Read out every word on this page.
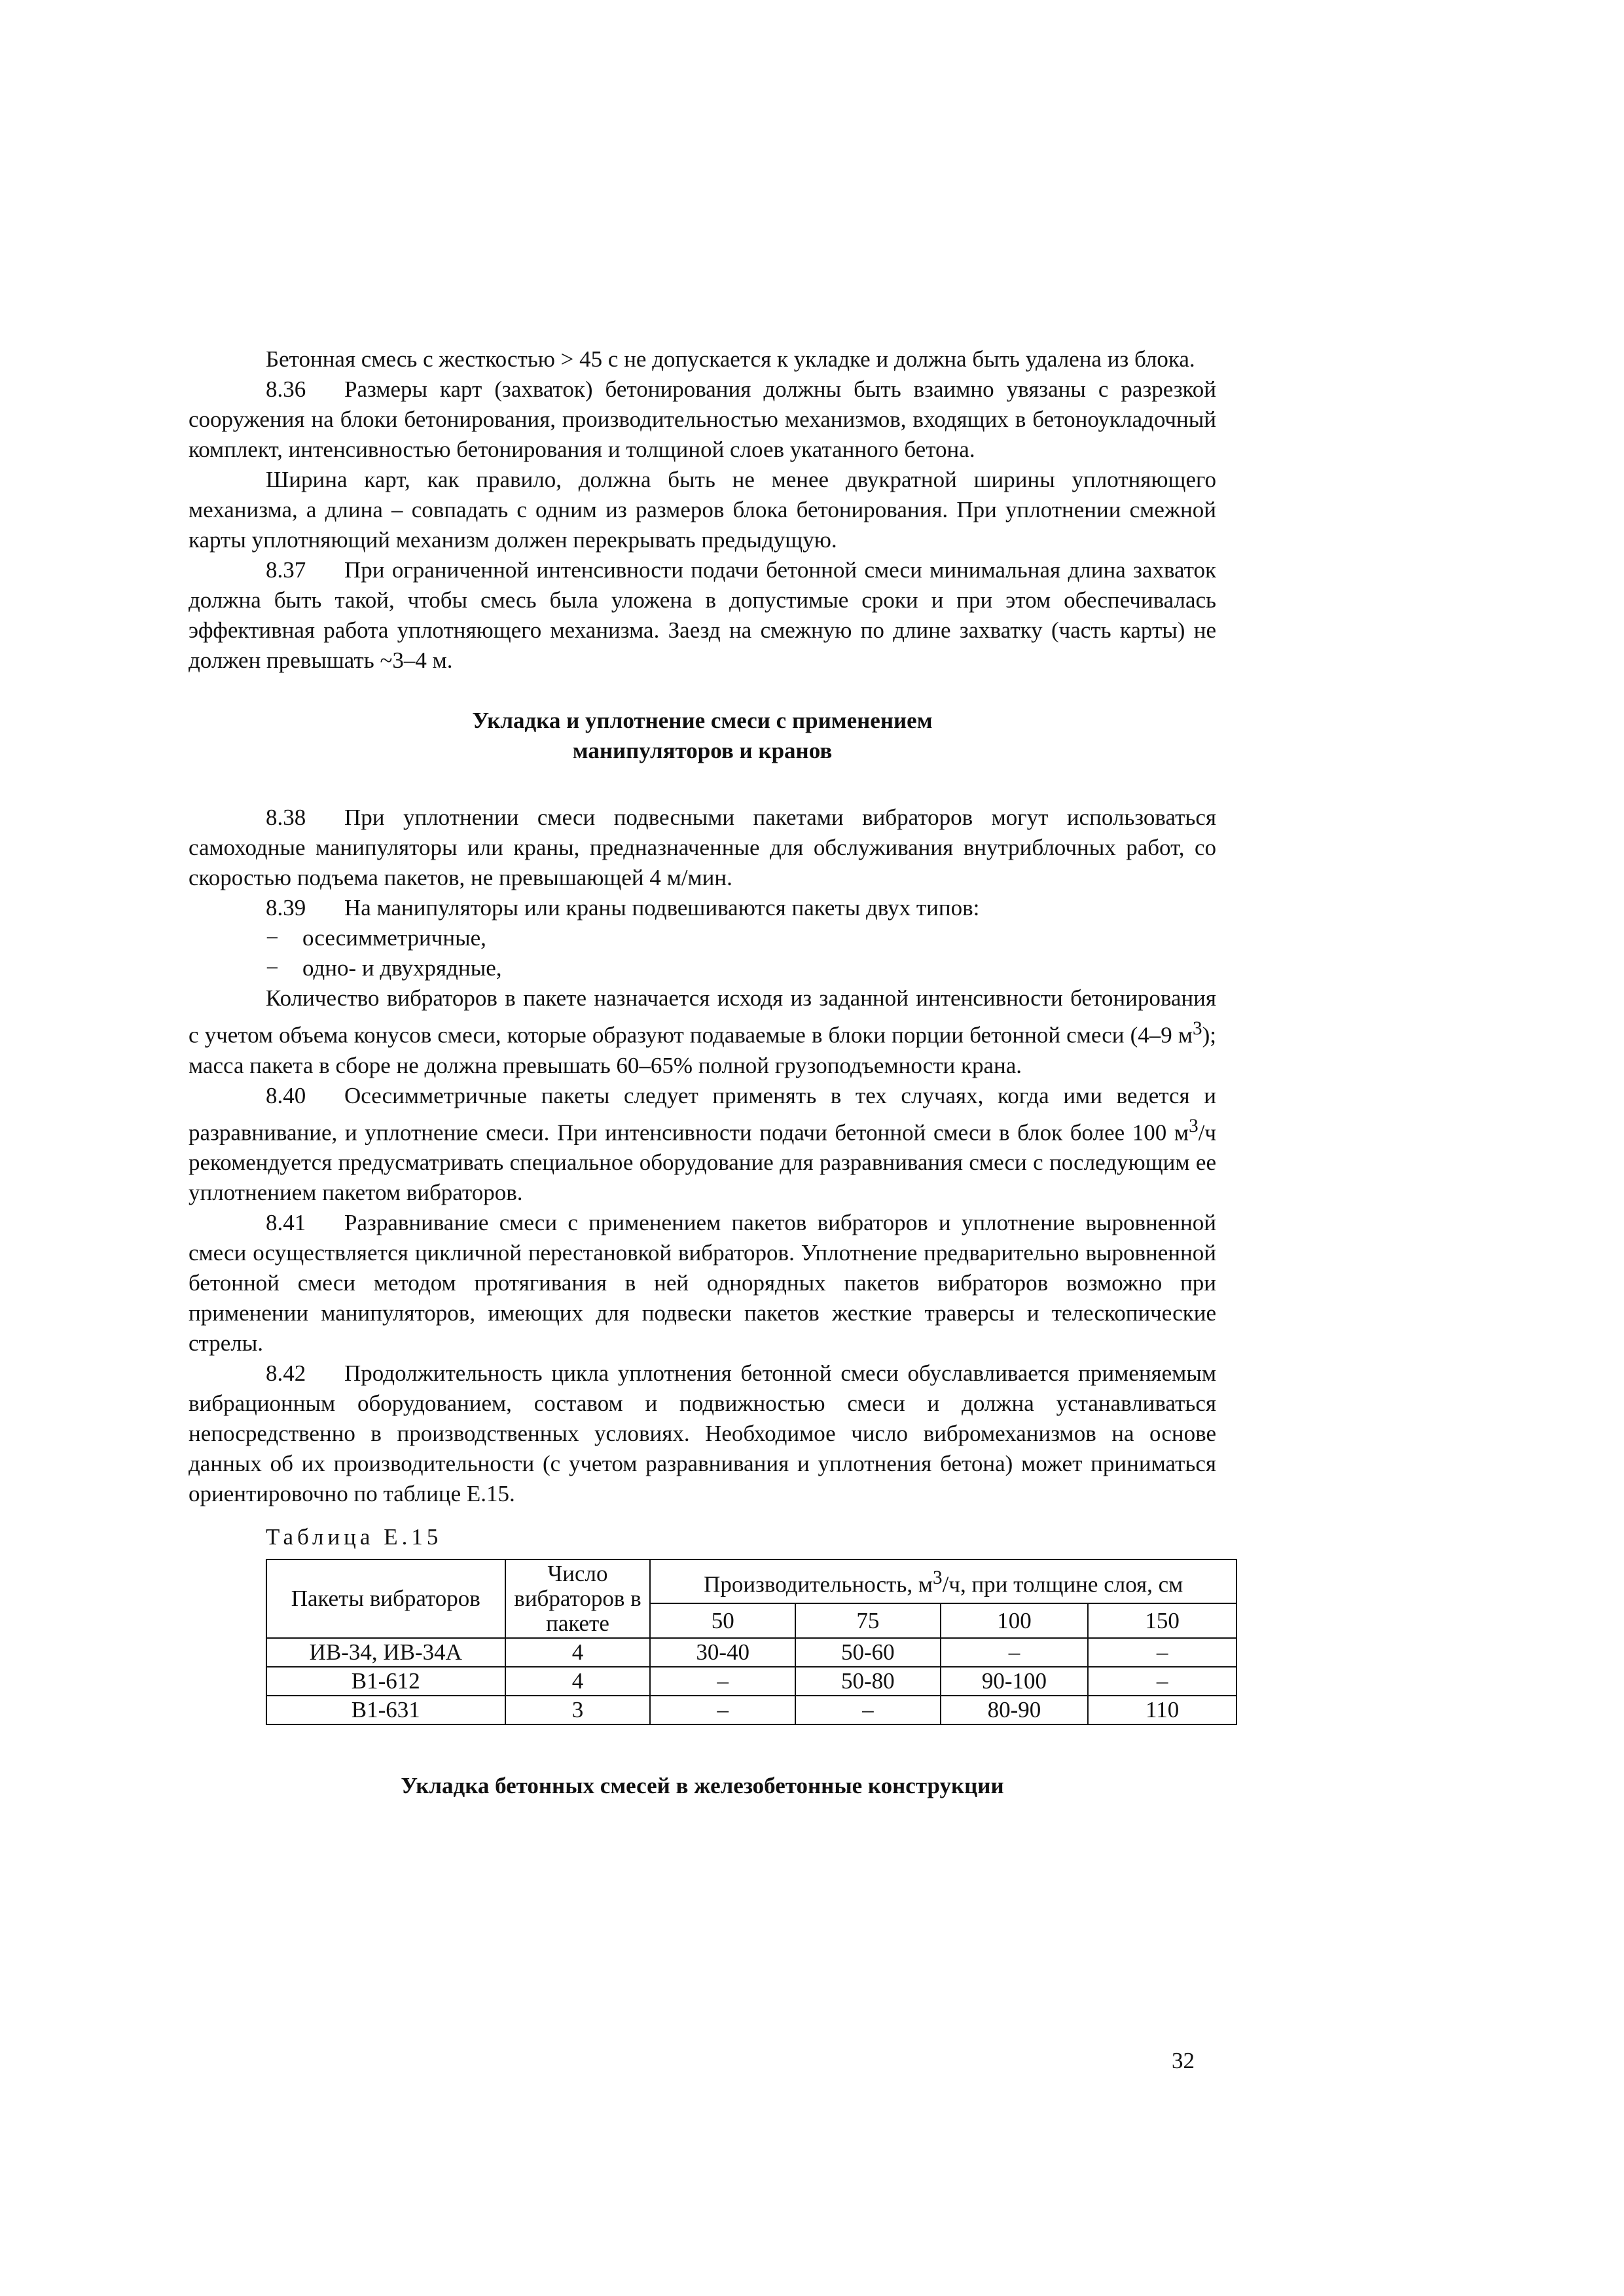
Бетонная смесь с жесткостью > 45 с не допускается к укладке и должна быть удалена из блока.

8.36 Размеры карт (захваток) бетонирования должны быть взаимно увязаны с разрезкой сооружения на блоки бетонирования, производительностью механизмов, входящих в бетоноукладочный комплект, интенсивностью бетонирования и толщиной слоев укатанного бетона.

Ширина карт, как правило, должна быть не менее двукратной ширины уплотняющего механизма, а длина – совпадать с одним из размеров блока бетонирования. При уплотнении смежной карты уплотняющий механизм должен перекрывать предыдущую.

8.37 При ограниченной интенсивности подачи бетонной смеси минимальная длина захваток должна быть такой, чтобы смесь была уложена в допустимые сроки и при этом обеспечивалась эффективная работа уплотняющего механизма. Заезд на смежную по длине захватку (часть карты) не должен превышать ~3–4 м.

Укладка и уплотнение смеси с применением
манипуляторов и кранов

8.38 При уплотнении смеси подвесными пакетами вибраторов могут использоваться самоходные манипуляторы или краны, предназначенные для обслуживания внутриблочных работ, со скоростью подъема пакетов, не превышающей 4 м/мин.

8.39 На манипуляторы или краны подвешиваются пакеты двух типов:

− осесимметричные,

− одно- и двухрядные,

Количество вибраторов в пакете назначается исходя из заданной интенсивности бетонирования с учетом объема конусов смеси, которые образуют подаваемые в блоки порции бетонной смеси (4–9 $м^3$); масса пакета в сборе не должна превышать 60–65% полной грузоподъемности крана.

8.40 Осесимметричные пакеты следует применять в тех случаях, когда ими ведется и разравнивание, и уплотнение смеси. При интенсивности подачи бетонной смеси в блок более 100 $м^3/ч$ рекомендуется предусматривать специальное оборудование для разравнивания смеси с последующим ее уплотнением пакетом вибраторов.

8.41 Разравнивание смеси с применением пакетов вибраторов и уплотнение выровненной смеси осуществляется цикличной перестановкой вибраторов. Уплотнение предварительно выровненной бетонной смеси методом протягивания в ней однорядных пакетов вибраторов возможно при применении манипуляторов, имеющих для подвески пакетов жесткие траверсы и телескопические стрелы.

8.42 Продолжительность цикла уплотнения бетонной смеси обуславливается применяемым вибрационным оборудованием, составом и подвижностью смеси и должна устанавливаться непосредственно в производственных условиях. Необходимое число вибромеханизмов на основе данных об их производительности (с учетом разравнивания и уплотнения бетона) может приниматься ориентировочно по таблице Е.15.

Таблица Е.15
Пакеты вибраторов	Число вибраторов в пакете	Производительность, $м^3/ч$, при толщине слоя, см			
		50	75	100	150
ИВ-34, ИВ-34А	4	30-40	50-60	–	–
В1-612	4	–	50-80	90-100	–
В1-631	3	–	–	80-90	110
Укладка бетонных смесей в железобетонные конструкции
32
